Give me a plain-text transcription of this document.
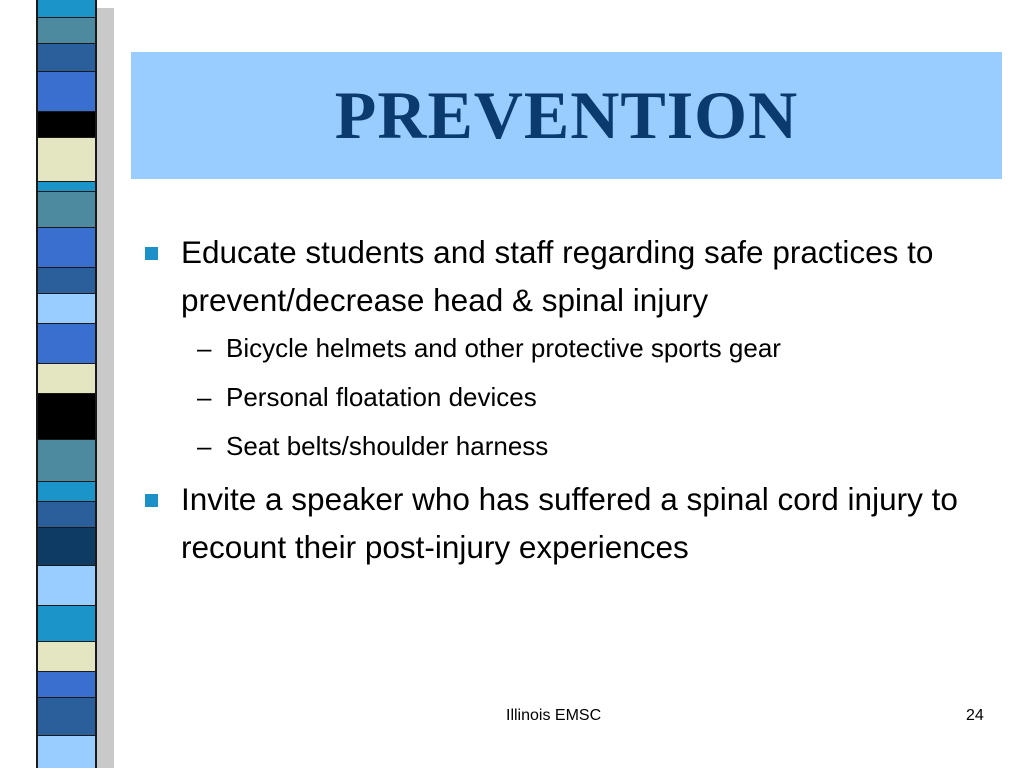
PREVENTION

Educate students and staff regarding safe practices to prevent/decrease head & spinal injury

– Bicycle helmets and other protective sports gear

– Personal floatation devices

– Seat belts/shoulder harness

Invite a speaker who has suffered a spinal cord injury to recount their post-injury experiences

Illinois EMSC	24
